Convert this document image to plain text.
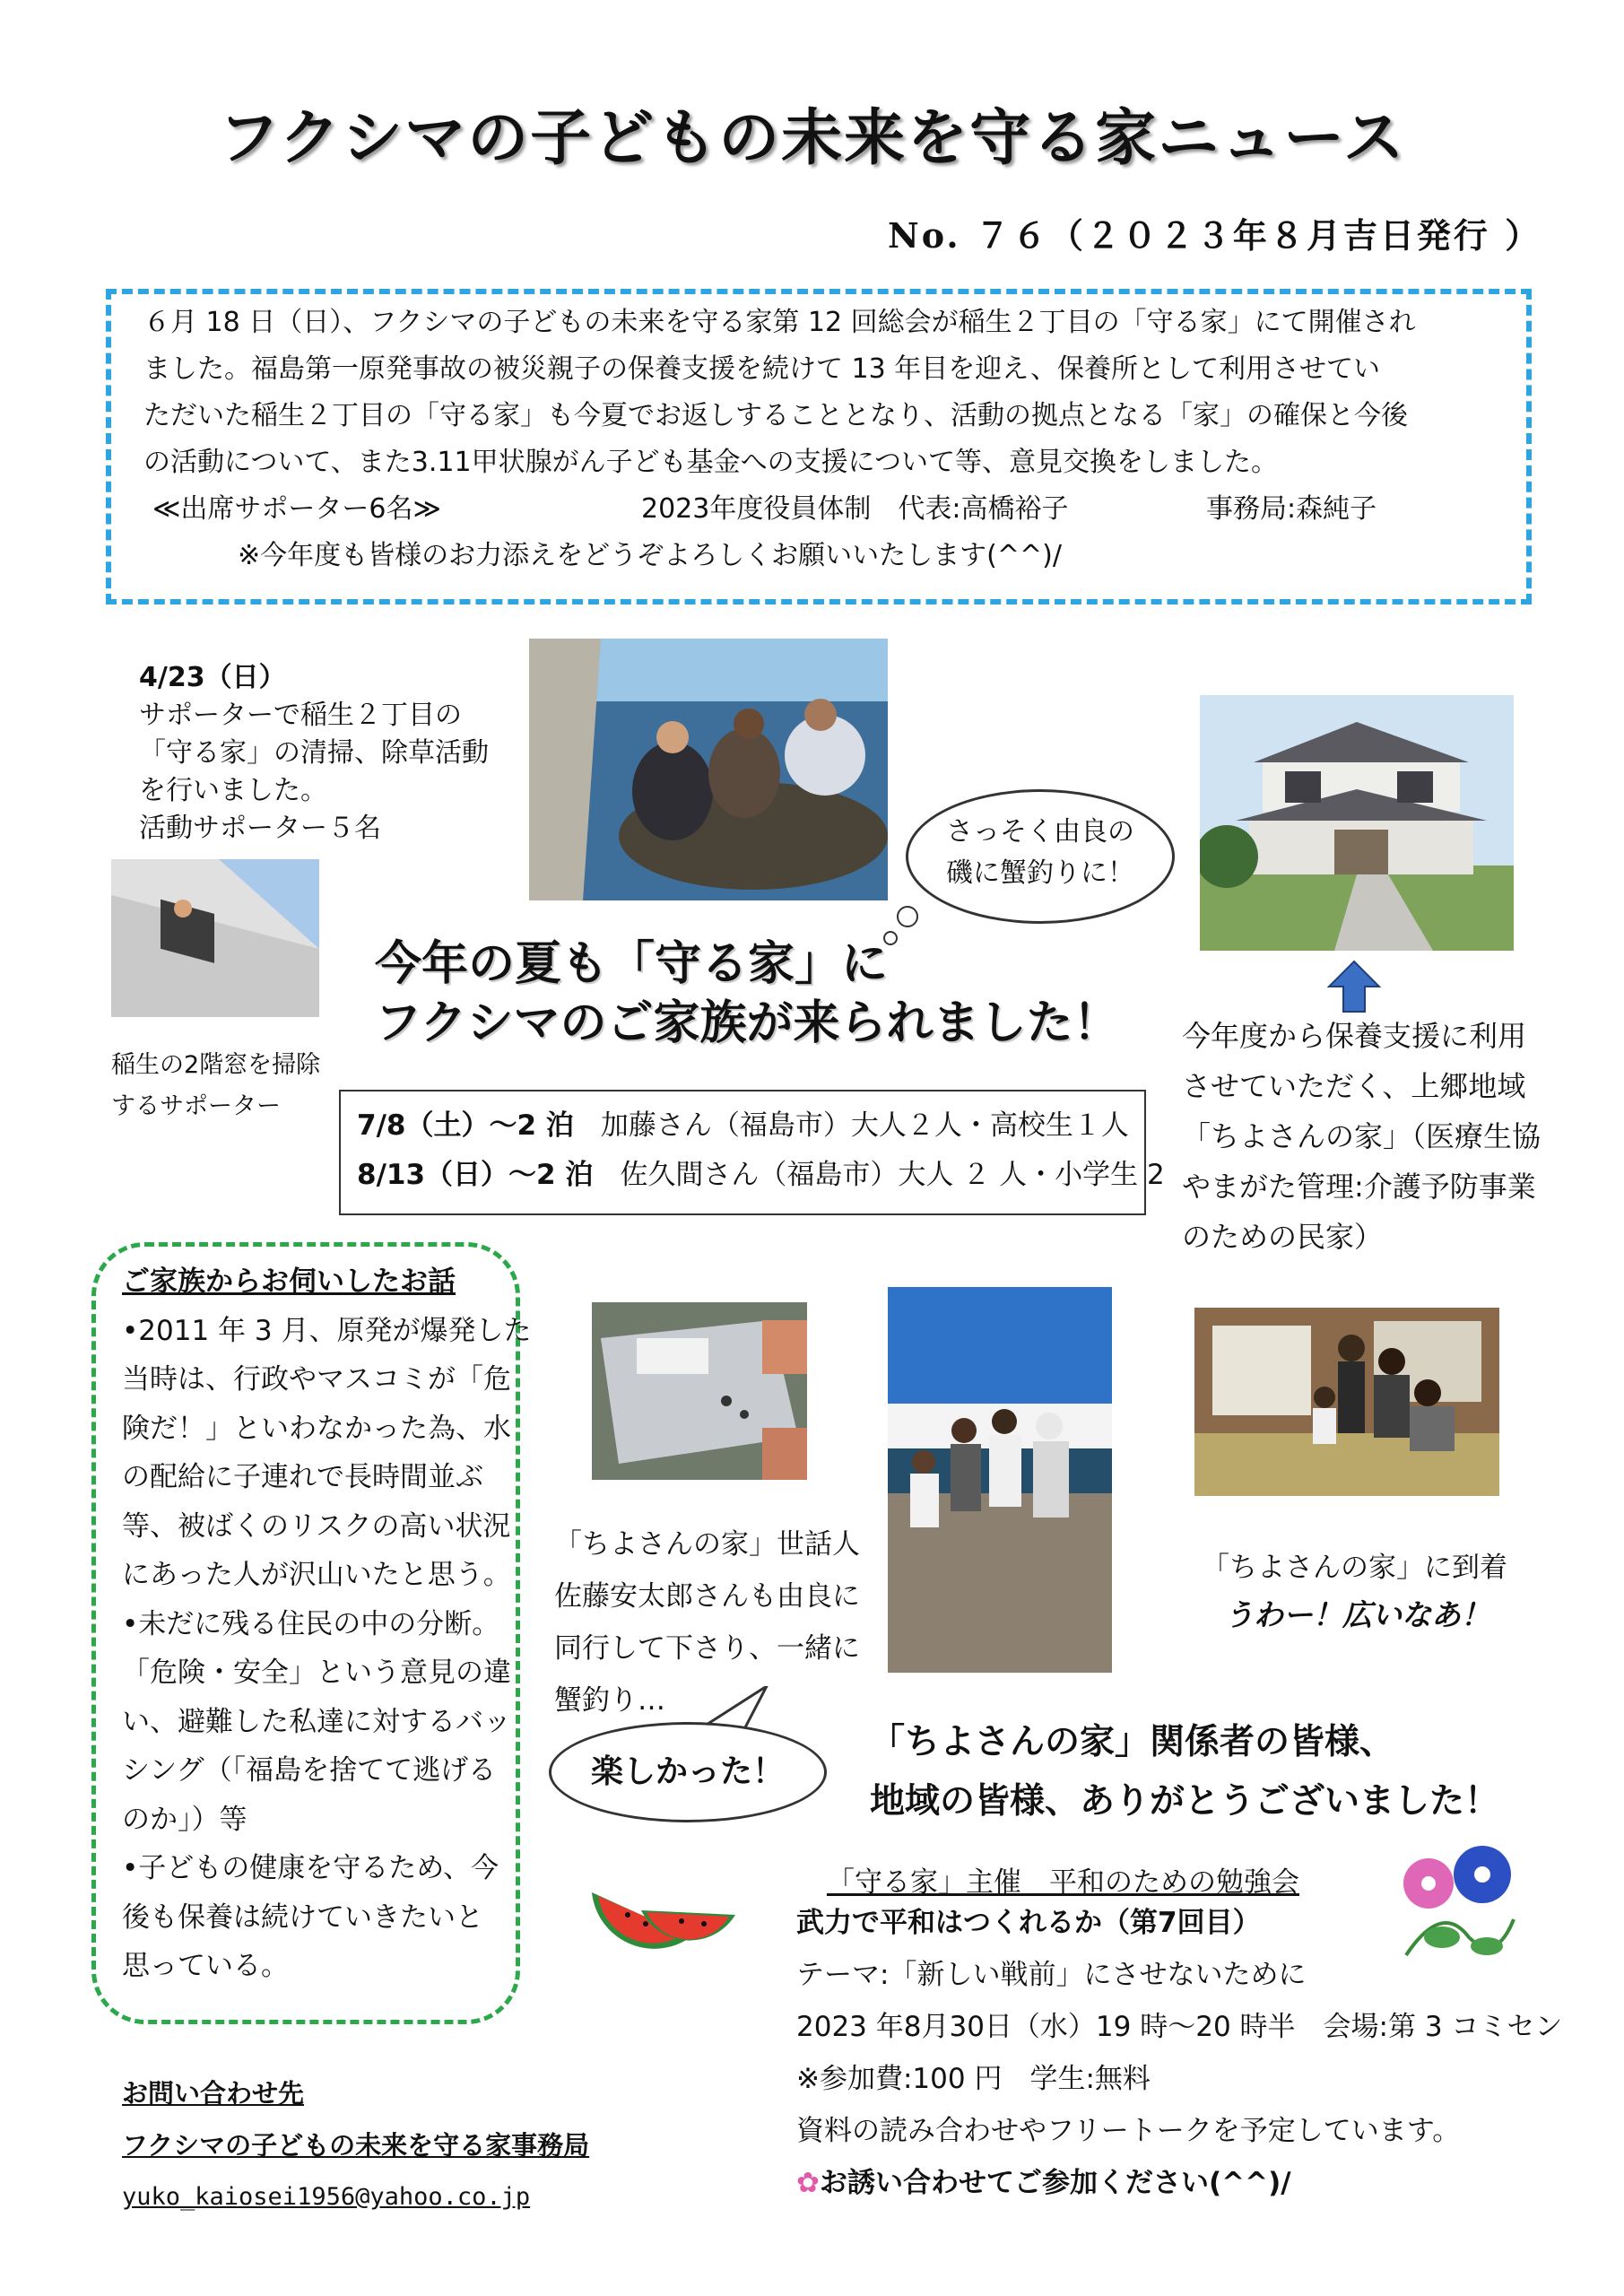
フクシマの子どもの未来を守る家ニュース
No. ７６（２０２３年８月吉日発行 ）
６月 18 日（日）、フクシマの子どもの未来を守る家第 12 回総会が稲生２丁目の「守る家」にて開催され
ました。福島第一原発事故の被災親子の保養支援を続けて 13 年目を迎え、保養所として利用させてい
ただいた稲生２丁目の「守る家」も今夏でお返しすることとなり、活動の拠点となる「家」の確保と今後
の活動について、また3.11甲状腺がん子ども基金への支援について等、意見交換をしました。
≪出席サポーター6名≫	2023年度役員体制　代表:高橋裕子	事務局:森純子
※今年度も皆様のお力添えをどうぞよろしくお願いいたします(^^)/
4/23（日）
サポーターで稲生２丁目の
「守る家」の清掃、除草活動
を行いました。
活動サポーター５名
稲生の2階窓を掃除
するサポーター
さっそく由良の
磯に蟹釣りに！
今年の夏も「守る家」に
フクシマのご家族が来られました！ 今年度から保養支援に利用
させていただく、上郷地域
「ちよさんの家」（医療生協
やまがた管理:介護予防事業
のための民家）
7/8（土）～2 泊 加藤さん（福島市）大人２人・高校生１人
8/13（日）～2 泊 佐久間さん（福島市）大人 ２ 人・小学生 2
ご家族からお伺いしたお話
•2011 年 3 月、原発が爆発した
当時は、行政やマスコミが「危
険だ！」といわなかった為、水
の配給に子連れで長時間並ぶ
等、被ばくのリスクの高い状況
にあった人が沢山いたと思う。
•未だに残る住民の中の分断。
「危険・安全」という意見の違
い、避難した私達に対するバッ
シング（「福島を捨てて逃げる
のか」）等
•子どもの健康を守るため、今
後も保養は続けていきたいと
思っている。
「ちよさんの家」世話人
佐藤安太郎さんも由良に
同行して下さり、一緒に
蟹釣り…
「ちよさんの家」に到着
うわー！広いなあ！
楽しかった！
「ちよさんの家」関係者の皆様、
地域の皆様、ありがとうございました！
「守る家」主催　平和のための勉強会
武力で平和はつくれるか（第7回目）
テーマ:「新しい戦前」にさせないために
2023 年8月30日（水）19 時～20 時半　会場:第 3 コミセン
※参加費:100 円　学生:無料
資料の読み合わせやフリートークを予定しています。
✿お誘い合わせてご参加ください(^^)/
お問い合わせ先
フクシマの子どもの未来を守る家事務局
yuko_kaiosei1956@yahoo.co.jp
